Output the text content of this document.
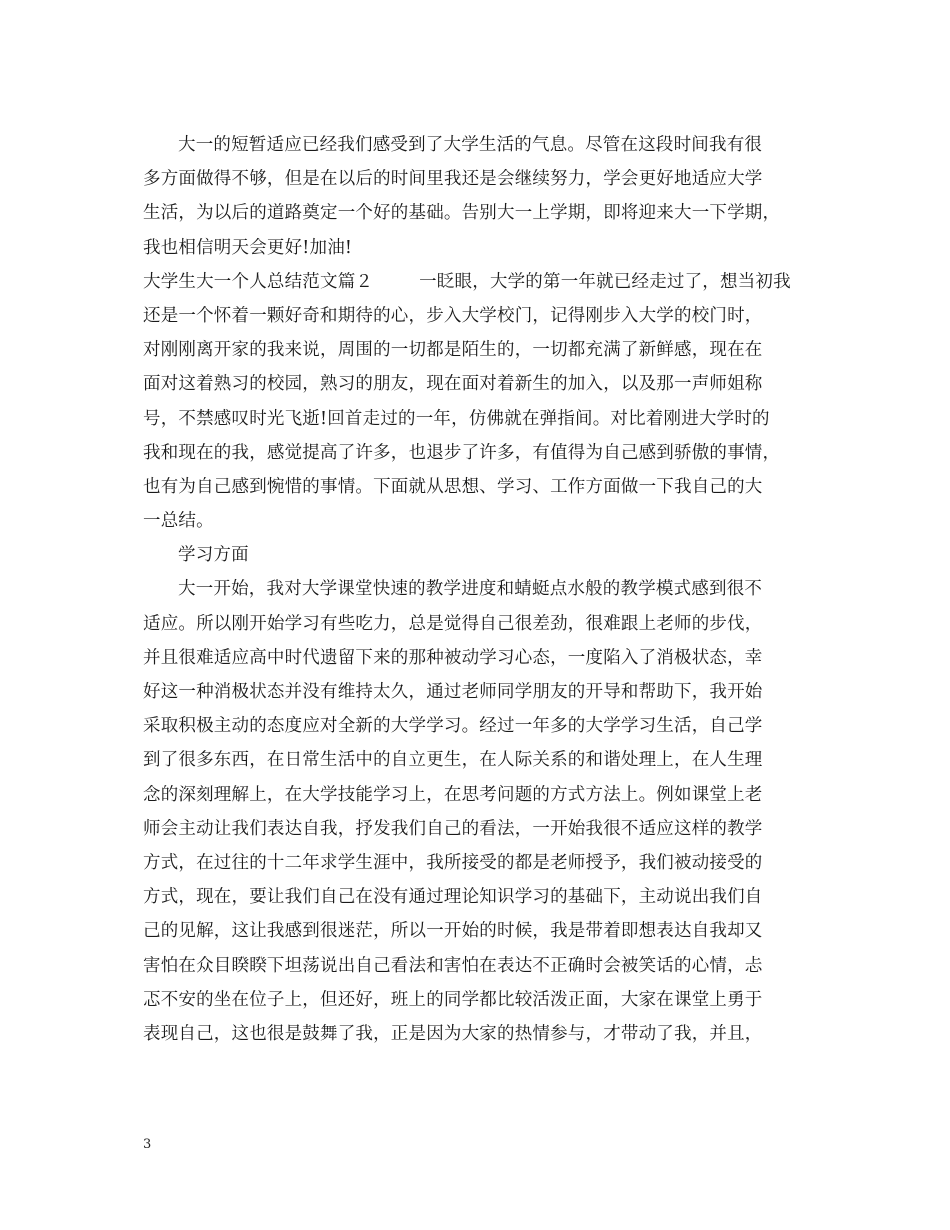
大一的短暂适应已经我们感受到了大学生活的气息。尽管在这段时间我有很
多方面做得不够，但是在以后的时间里我还是会继续努力，学会更好地适应大学
生活，为以后的道路奠定一个好的基础。告别大一上学期，即将迎来大一下学期，
我也相信明天会更好!加油!
大学生大一个人总结范文篇２	一眨眼，大学的第一年就已经走过了，想当初我
还是一个怀着一颗好奇和期待的心，步入大学校门，记得刚步入大学的校门时，
对刚刚离开家的我来说，周围的一切都是陌生的，一切都充满了新鲜感，现在在
面对这着熟习的校园，熟习的朋友，现在面对着新生的加入，以及那一声师姐称
号，不禁感叹时光飞逝!回首走过的一年，仿佛就在弹指间。对比着刚进大学时的
我和现在的我，感觉提高了许多，也退步了许多，有值得为自己感到骄傲的事情，
也有为自己感到惋惜的事情。下面就从思想、学习、工作方面做一下我自己的大
一总结。
学习方面
大一开始，我对大学课堂快速的教学进度和蜻蜓点水般的教学模式感到很不
适应。所以刚开始学习有些吃力，总是觉得自己很差劲，很难跟上老师的步伐，
并且很难适应高中时代遗留下来的那种被动学习心态，一度陷入了消极状态，幸
好这一种消极状态并没有维持太久，通过老师同学朋友的开导和帮助下，我开始
采取积极主动的态度应对全新的大学学习。经过一年多的大学学习生活，自己学
到了很多东西，在日常生活中的自立更生，在人际关系的和谐处理上，在人生理
念的深刻理解上，在大学技能学习上，在思考问题的方式方法上。例如课堂上老
师会主动让我们表达自我，抒发我们自己的看法，一开始我很不适应这样的教学
方式，在过往的十二年求学生涯中，我所接受的都是老师授予，我们被动接受的
方式，现在，要让我们自己在没有通过理论知识学习的基础下，主动说出我们自
己的见解，这让我感到很迷茫，所以一开始的时候，我是带着即想表达自我却又
害怕在众目睽睽下坦荡说出自己看法和害怕在表达不正确时会被笑话的心情，忐
忑不安的坐在位子上，但还好，班上的同学都比较活泼正面，大家在课堂上勇于
表现自己，这也很是鼓舞了我，正是因为大家的热情参与，才带动了我，并且，
3
